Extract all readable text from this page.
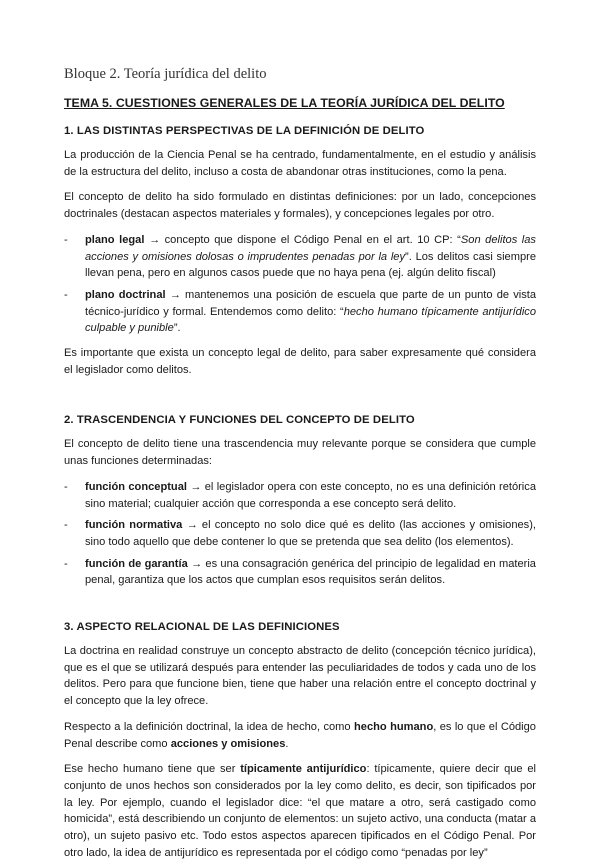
Bloque 2. Teoría jurídica del delito
TEMA 5. CUESTIONES GENERALES DE LA TEORÍA JURÍDICA DEL DELITO
1. LAS DISTINTAS PERSPECTIVAS DE LA DEFINICIÓN DE DELITO

La producción de la Ciencia Penal se ha centrado, fundamentalmente, en el estudio y análisis de la estructura del delito, incluso a costa de abandonar otras instituciones, como la pena.

El concepto de delito ha sido formulado en distintas definiciones: por un lado, concepciones doctrinales (destacan aspectos materiales y formales), y concepciones legales por otro.

- plano legal → concepto que dispone el Código Penal en el art. 10 CP: “Son delitos las acciones y omisiones dolosas o imprudentes penadas por la ley”. Los delitos casi siempre llevan pena, pero en algunos casos puede que no haya pena (ej. algún delito fiscal)
- plano doctrinal → mantenemos una posición de escuela que parte de un punto de vista técnico-jurídico y formal. Entendemos como delito: “hecho humano típicamente antijurídico culpable y punible”.

Es importante que exista un concepto legal de delito, para saber expresamente qué considera el legislador como delitos.

2. TRASCENDENCIA Y FUNCIONES DEL CONCEPTO DE DELITO

El concepto de delito tiene una trascendencia muy relevante porque se considera que cumple unas funciones determinadas:

- función conceptual → el legislador opera con este concepto, no es una definición retórica sino material; cualquier acción que corresponda a ese concepto será delito.
- función normativa → el concepto no solo dice qué es delito (las acciones y omisiones), sino todo aquello que debe contener lo que se pretenda que sea delito (los elementos).
- función de garantía → es una consagración genérica del principio de legalidad en materia penal, garantiza que los actos que cumplan esos requisitos serán delitos.
3. ASPECTO RELACIONAL DE LAS DEFINICIONES

La doctrina en realidad construye un concepto abstracto de delito (concepción técnico jurídica), que es el que se utilizará después para entender las peculiaridades de todos y cada uno de los delitos. Pero para que funcione bien, tiene que haber una relación entre el concepto doctrinal y el concepto que la ley ofrece.

Respecto a la definición doctrinal, la idea de hecho, como hecho humano, es lo que el Código Penal describe como acciones y omisiones.

Ese hecho humano tiene que ser típicamente antijurídico: típicamente, quiere decir que el conjunto de unos hechos son considerados por la ley como delito, es decir, son tipificados por la ley. Por ejemplo, cuando el legislador dice: “el que matare a otro, será castigado como homicida”, está describiendo un conjunto de elementos: un sujeto activo, una conducta (matar a otro), un sujeto pasivo etc. Todo estos aspectos aparecen tipificados en el Código Penal. Por otro lado, la idea de antijurídico es representada por el código como “penadas por ley”
